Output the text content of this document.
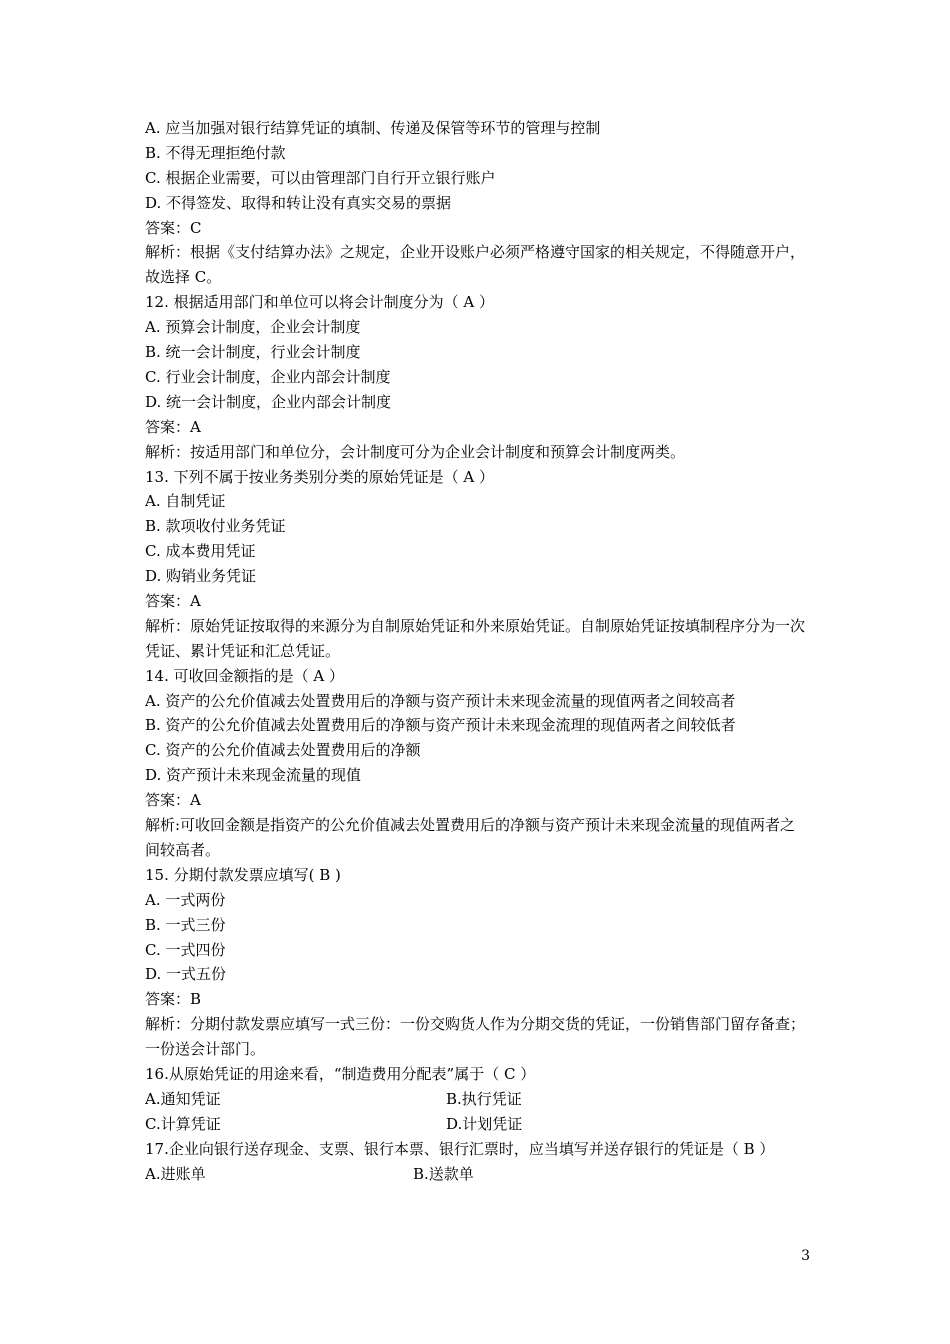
A. 应当加强对银行结算凭证的填制、传递及保管等环节的管理与控制
B. 不得无理拒绝付款
C. 根据企业需要，可以由管理部门自行开立银行账户
D. 不得签发、取得和转让没有真实交易的票据
答案：C
解析：根据《支付结算办法》之规定，企业开设账户必须严格遵守国家的相关规定，不得随意开户，故选择 C。
12. 根据适用部门和单位可以将会计制度分为（ A ）
A. 预算会计制度，企业会计制度
B. 统一会计制度，行业会计制度
C. 行业会计制度，企业内部会计制度
D. 统一会计制度，企业内部会计制度
答案：A
解析：按适用部门和单位分，会计制度可分为企业会计制度和预算会计制度两类。
13. 下列不属于按业务类别分类的原始凭证是（ A ）
A. 自制凭证
B. 款项收付业务凭证
C. 成本费用凭证
D. 购销业务凭证
答案：A
解析：原始凭证按取得的来源分为自制原始凭证和外来原始凭证。自制原始凭证按填制程序分为一次凭证、累计凭证和汇总凭证。
14. 可收回金额指的是（ A ）
A. 资产的公允价值减去处置费用后的净额与资产预计未来现金流量的现值两者之间较高者
B. 资产的公允价值减去处置费用后的净额与资产预计未来现金流理的现值两者之间较低者
C. 资产的公允价值减去处置费用后的净额
D. 资产预计未来现金流量的现值
答案：A
解析:可收回金额是指资产的公允价值减去处置费用后的净额与资产预计未来现金流量的现值两者之间较高者。
15. 分期付款发票应填写( B )
A. 一式两份
B. 一式三份
C. 一式四份
D. 一式五份
答案：B
解析：分期付款发票应填写一式三份：一份交购货人作为分期交货的凭证，一份销售部门留存备查；一份送会计部门。
16.从原始凭证的用途来看，“制造费用分配表”属于（ C ）
A.通知凭证	B.执行凭证
C.计算凭证	D.计划凭证
17.企业向银行送存现金、支票、银行本票、银行汇票时，应当填写并送存银行的凭证是（ B ）
A.进账单	B.送款单
3
